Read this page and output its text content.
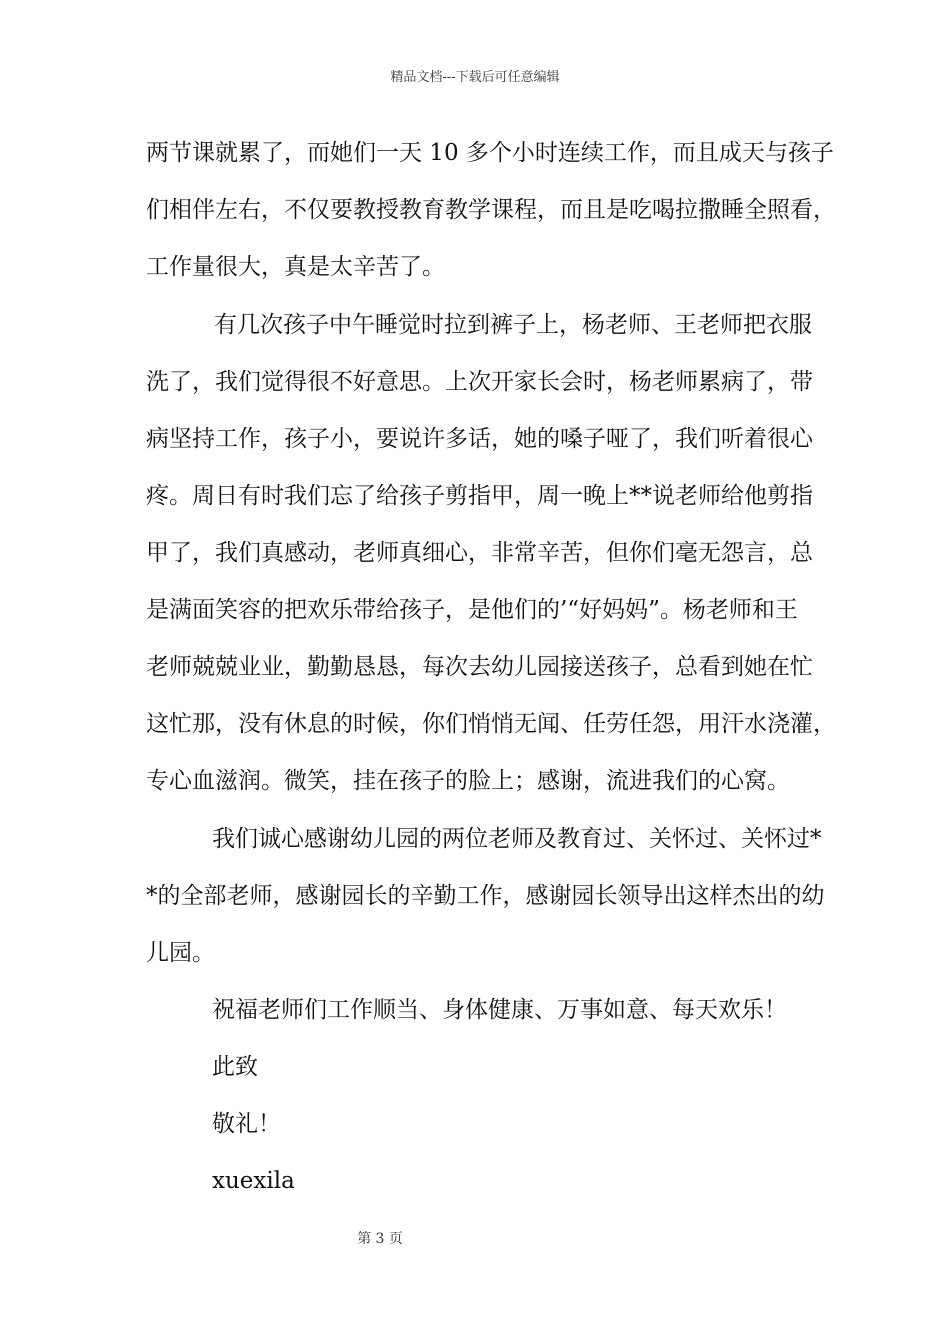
精品文档---下载后可任意编辑
两节课就累了，而她们一天 10 多个小时连续工作，而且成天与孩子
们相伴左右，不仅要教授教育教学课程，而且是吃喝拉撒睡全照看，
工作量很大，真是太辛苦了。
有几次孩子中午睡觉时拉到裤子上，杨老师、王老师把衣服
洗了，我们觉得很不好意思。上次开家长会时，杨老师累病了，带
病坚持工作，孩子小，要说许多话，她的嗓子哑了，我们听着很心
疼。周日有时我们忘了给孩子剪指甲，周一晚上**说老师给他剪指
甲了，我们真感动，老师真细心，非常辛苦，但你们毫无怨言，总
是满面笑容的把欢乐带给孩子，是他们的’“好妈妈”。杨老师和王
老师兢兢业业，勤勤恳恳，每次去幼儿园接送孩子，总看到她在忙
这忙那，没有休息的时候，你们悄悄无闻、任劳任怨，用汗水浇灌，
专心血滋润。微笑，挂在孩子的脸上；感谢，流进我们的心窝。
我们诚心感谢幼儿园的两位老师及教育过、关怀过、关怀过*
*的全部老师，感谢园长的辛勤工作，感谢园长领导出这样杰出的幼
儿园。
祝福老师们工作顺当、身体健康、万事如意、每天欢乐！
此致
敬礼！
xuexila
第 3 页
